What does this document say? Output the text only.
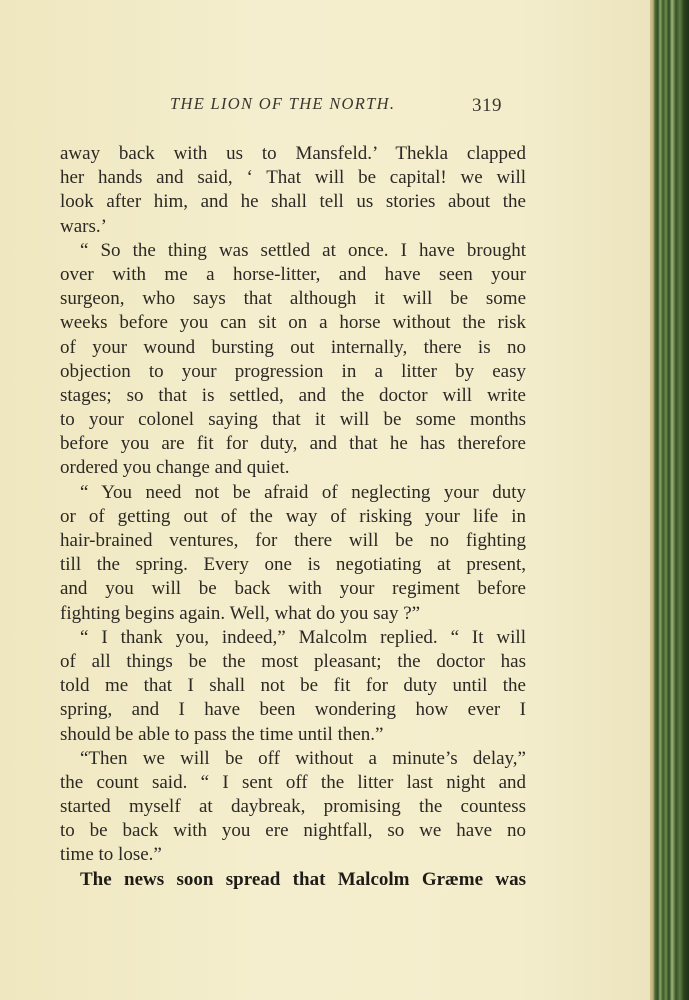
THE LION OF THE NORTH.	319
away back with us to Mansfeld.’ Thekla clapped
her hands and said, ‘ That will be capital! we will
look after him, and he shall tell us stories about the
wars.’
“ So the thing was settled at once. I have brought
over with me a horse-litter, and have seen your
surgeon, who says that although it will be some
weeks before you can sit on a horse without the risk
of your wound bursting out internally, there is no
objection to your progression in a litter by easy
stages; so that is settled, and the doctor will write
to your colonel saying that it will be some months
before you are fit for duty, and that he has therefore
ordered you change and quiet.
“ You need not be afraid of neglecting your duty
or of getting out of the way of risking your life in
hair-brained ventures, for there will be no fighting
till the spring. Every one is negotiating at present,
and you will be back with your regiment before
fighting begins again. Well, what do you say ?”
“ I thank you, indeed,” Malcolm replied. “ It will
of all things be the most pleasant; the doctor has
told me that I shall not be fit for duty until the
spring, and I have been wondering how ever I
should be able to pass the time until then.”
“Then we will be off without a minute’s delay,”
the count said. “ I sent off the litter last night and
started myself at daybreak, promising the countess
to be back with you ere nightfall, so we have no
time to lose.”
The news soon spread that Malcolm Græme was
